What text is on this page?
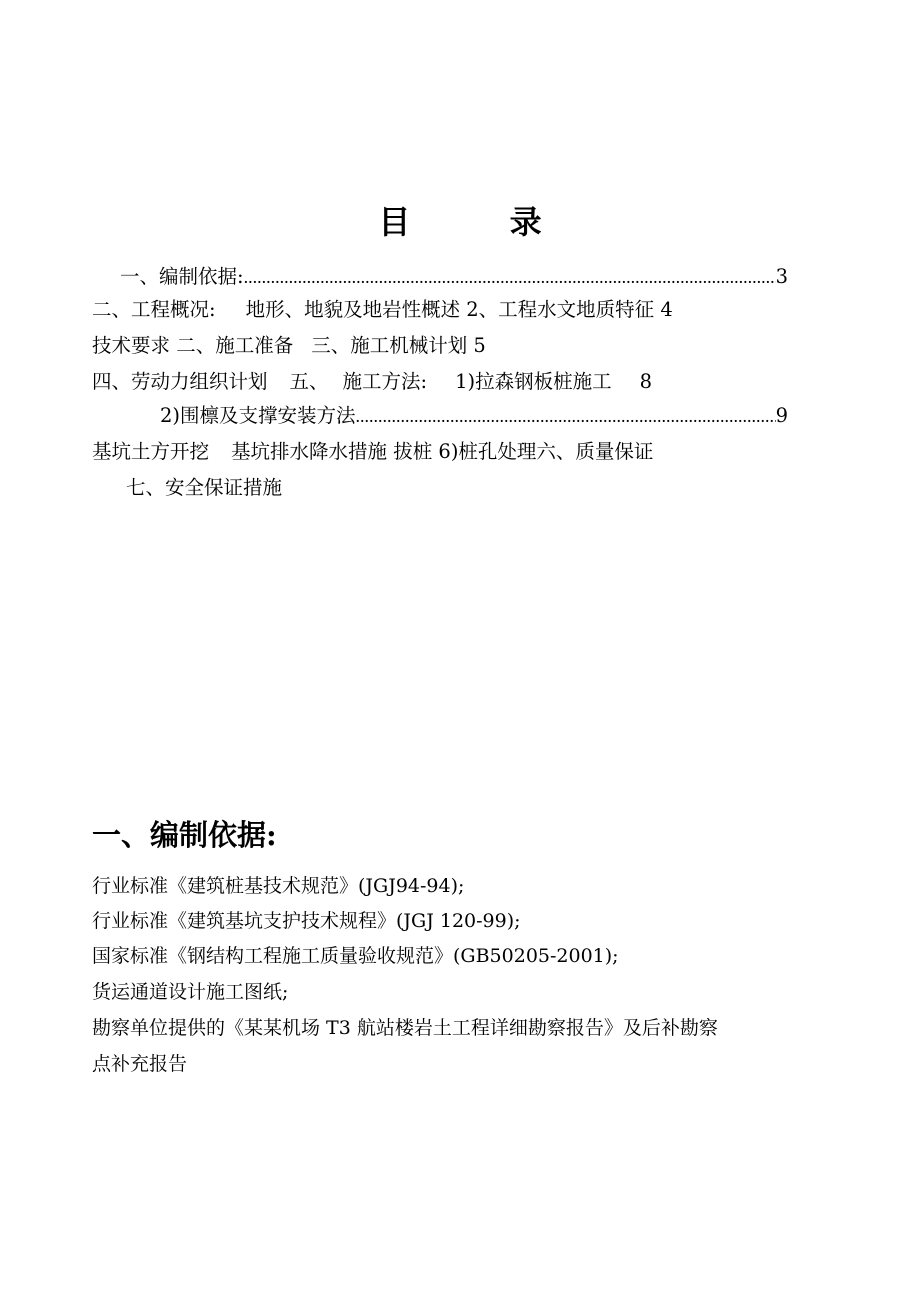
目 录
一、编制依据: .....	3
二、工程概况: 地形、地貌及地岩性概述 2、工程水文地质特征 4
技术要求 二、施工准备 三、施工机械计划 5
四、劳动力组织计划 五、 施工方法: 1)拉森钢板桩施工 8
2)围檩及支撑安装方法 .....	9
基坑土方开挖 基坑排水降水措施 拔桩 6)桩孔处理六、质量保证
七、安全保证措施
一、编制依据:

行业标准《建筑桩基技术规范》(JGJ94-94);

行业标准《建筑基坑支护技术规程》(JGJ 120-99);

国家标准《钢结构工程施工质量验收规范》(GB50205-2001);

货运通道设计施工图纸;

勘察单位提供的《某某机场 T3 航站楼岩土工程详细勘察报告》及后补勘察

点补充报告
